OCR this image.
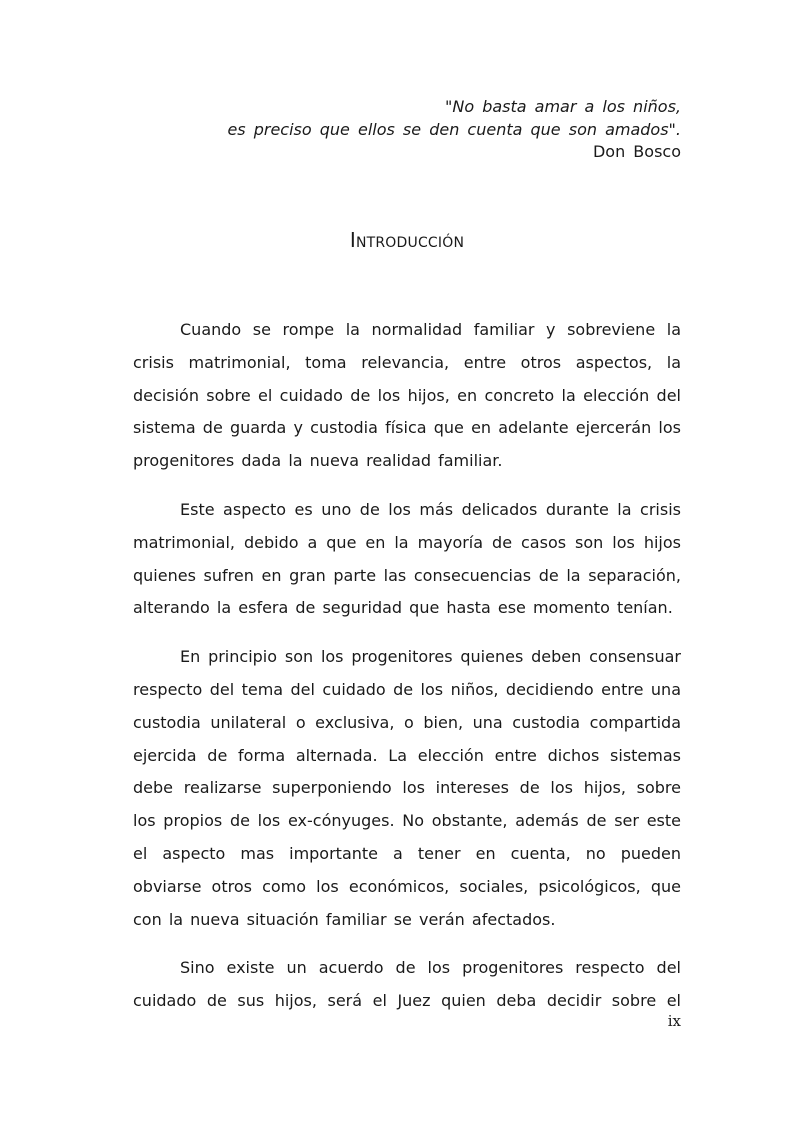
"No basta amar a los niños,
es preciso que ellos se den cuenta que son amados".
Don Bosco
Introducción

Cuando se rompe la normalidad familiar y sobreviene la crisis matrimonial, toma relevancia, entre otros aspectos, la decisión sobre el cuidado de los hijos, en concreto la elección del sistema de guarda y custodia física que en adelante ejercerán los progenitores dada la nueva realidad familiar.

Este aspecto es uno de los más delicados durante la crisis matrimonial, debido a que en la mayoría de casos son los hijos quienes sufren en gran parte las consecuencias de la separación, alterando la esfera de seguridad que hasta ese momento tenían.

En principio son los progenitores quienes deben consensuar respecto del tema del cuidado de los niños, decidiendo entre una custodia unilateral o exclusiva, o bien, una custodia compartida ejercida de forma alternada. La elección entre dichos sistemas debe realizarse superponiendo los intereses de los hijos, sobre los propios de los ex-cónyuges. No obstante, además de ser este el aspecto mas importante a tener en cuenta, no pueden obviarse otros como los económicos, sociales, psicológicos, que con la nueva situación familiar se verán afectados.

Sino existe un acuerdo de los progenitores respecto del cuidado de sus hijos, será el Juez quien deba decidir sobre el

ix
